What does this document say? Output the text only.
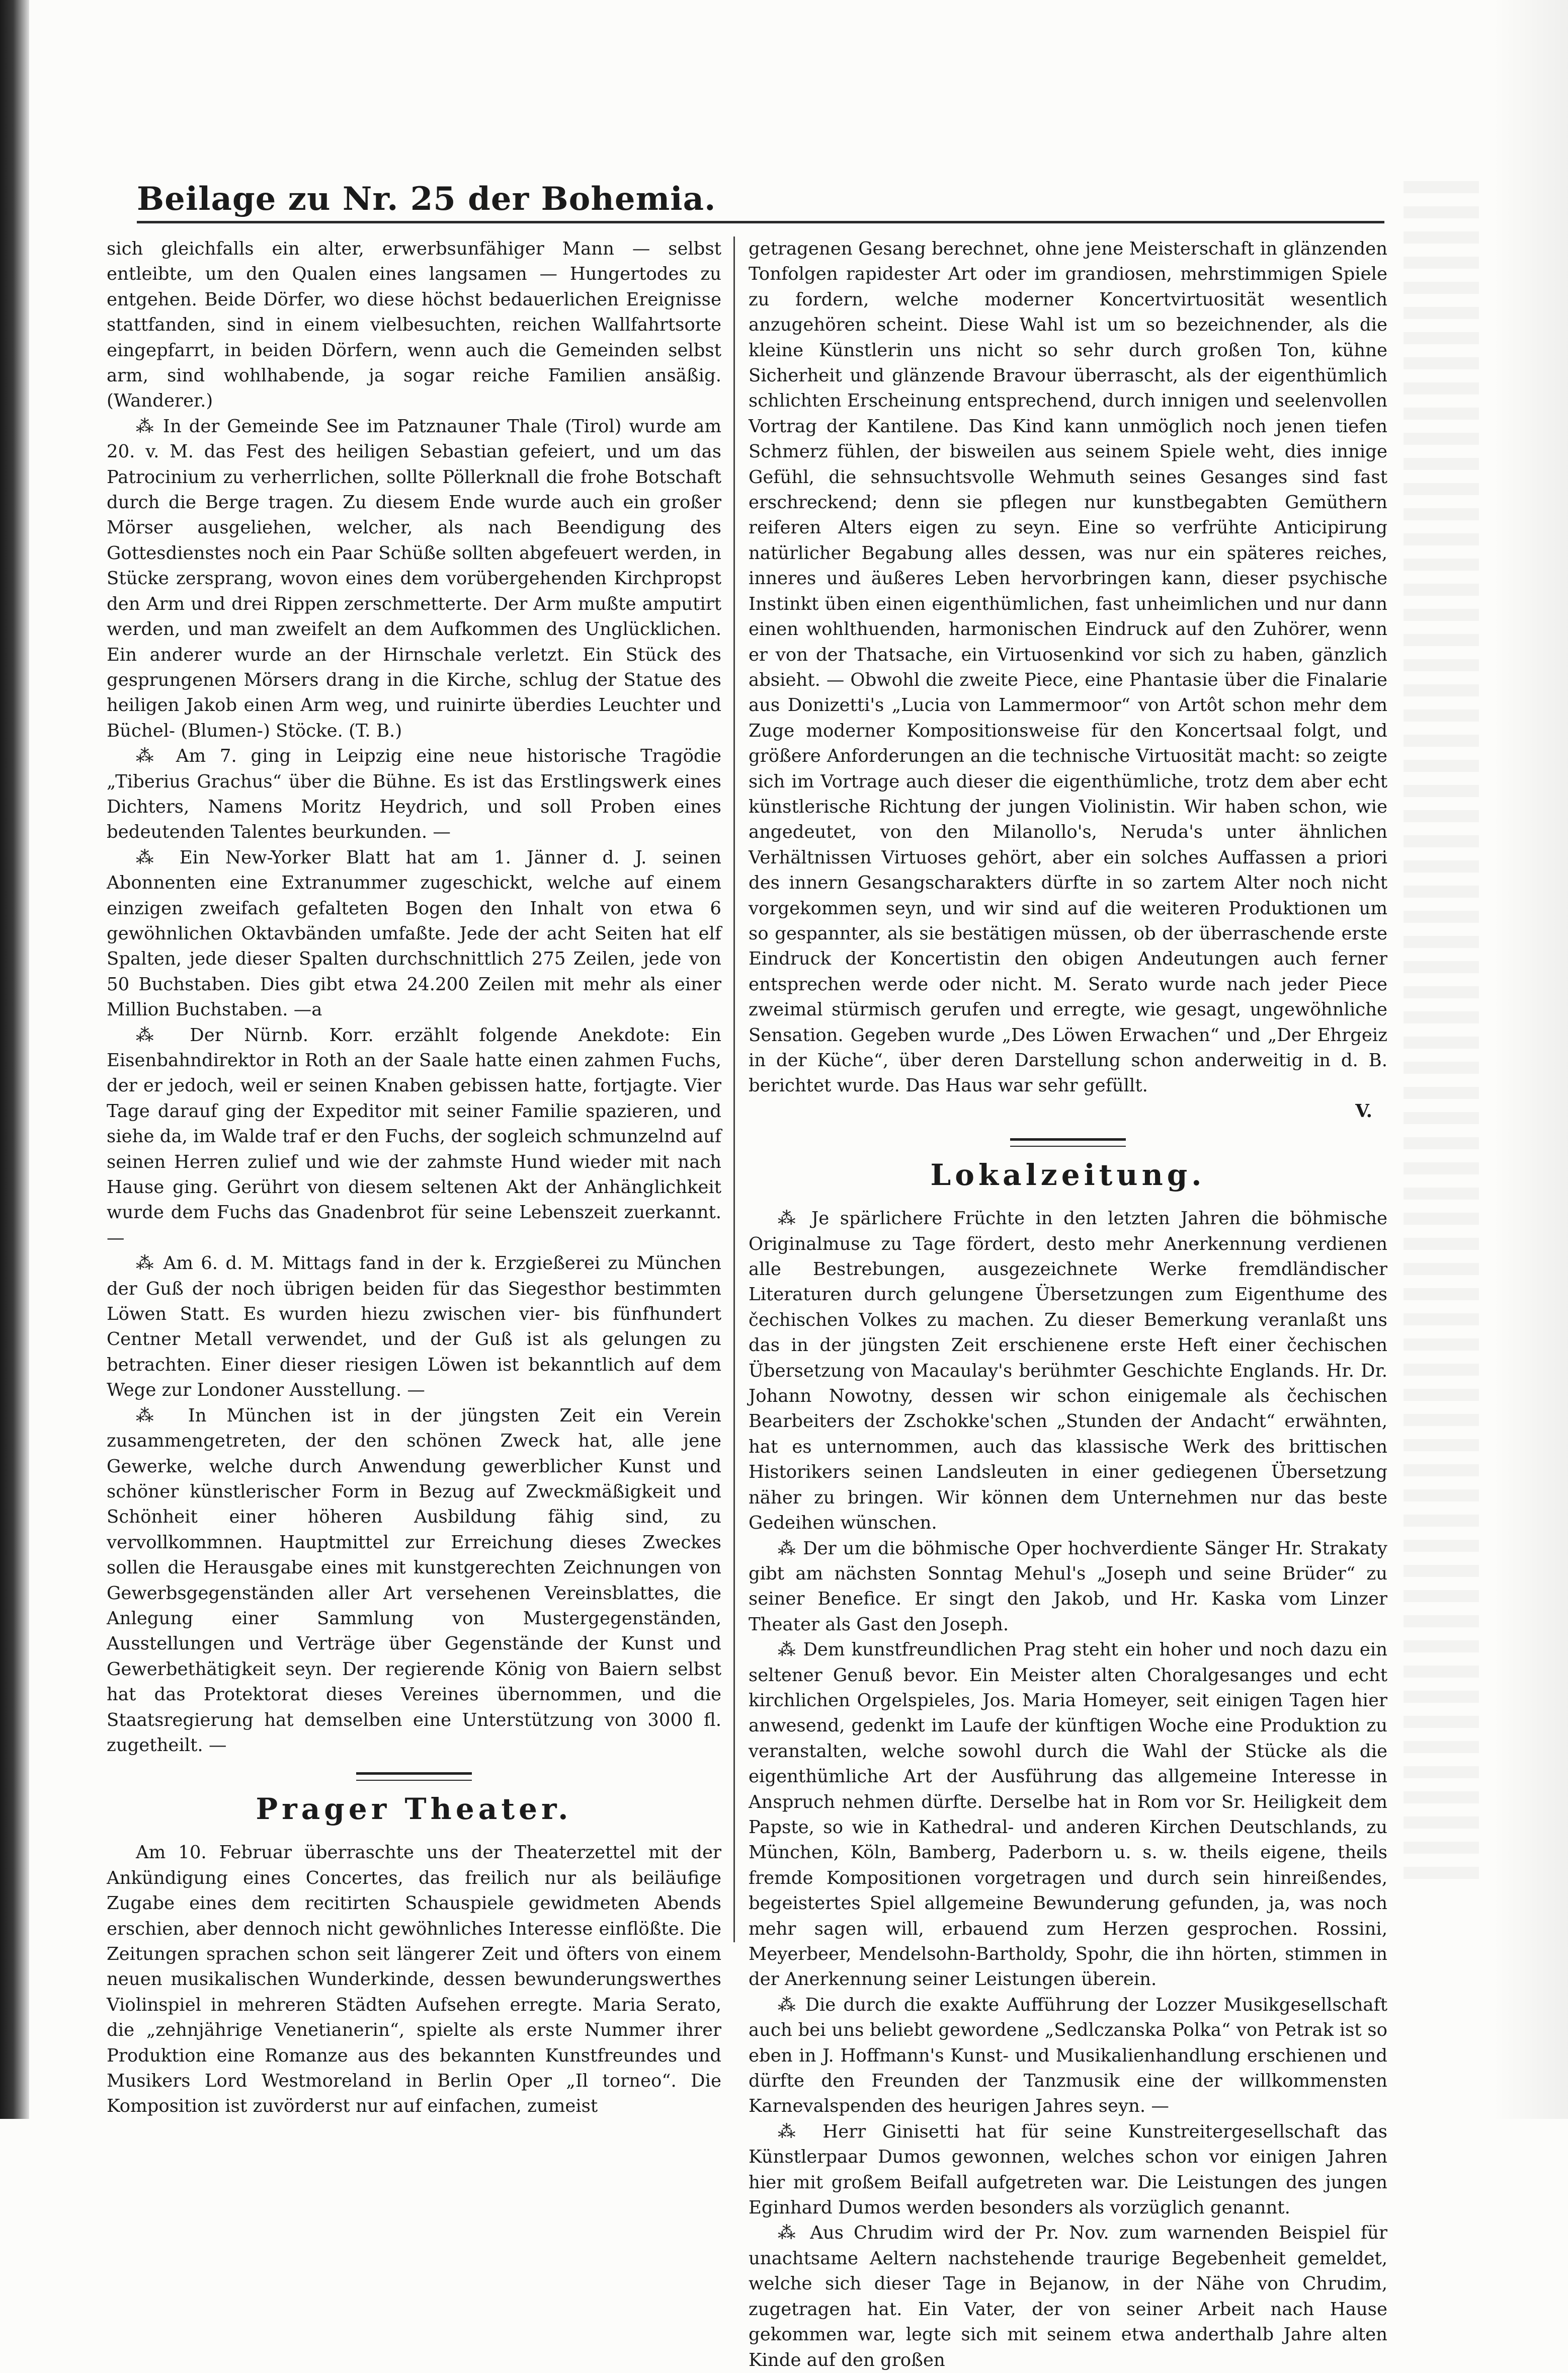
Beilage zu Nr. 25 der Bohemia.

sich gleichfalls ein alter, erwerbsunfähiger Mann — selbst entleibte, um den Qualen eines langsamen — Hungertodes zu entgehen. Beide Dörfer, wo diese höchst bedauerlichen Ereignisse stattfanden, sind in einem vielbesuchten, reichen Wallfahrtsorte eingepfarrt, in beiden Dörfern, wenn auch die Gemeinden selbst arm, sind wohlhabende, ja sogar reiche Familien ansäßig. (Wanderer.)

⁂ In der Gemeinde See im Patznauner Thale (Tirol) wurde am 20. v. M. das Fest des heiligen Sebastian gefeiert, und um das Patrocinium zu verherrlichen, sollte Pöllerknall die frohe Botschaft durch die Berge tragen. Zu diesem Ende wurde auch ein großer Mörser ausgeliehen, welcher, als nach Beendigung des Gottesdienstes noch ein Paar Schüße sollten abgefeuert werden, in Stücke zersprang, wovon eines dem vorübergehenden Kirchpropst den Arm und drei Rippen zerschmetterte. Der Arm mußte amputirt werden, und man zweifelt an dem Aufkommen des Unglücklichen. Ein anderer wurde an der Hirnschale verletzt. Ein Stück des gesprungenen Mörsers drang in die Kirche, schlug der Statue des heiligen Jakob einen Arm weg, und ruinirte überdies Leuchter und Büchel- (Blumen-) Stöcke. (T. B.)

⁂ Am 7. ging in Leipzig eine neue historische Tragödie „Tiberius Grachus“ über die Bühne. Es ist das Erstlingswerk eines Dichters, Namens Moritz Heydrich, und soll Proben eines bedeutenden Talentes beurkunden. —

⁂ Ein New-Yorker Blatt hat am 1. Jänner d. J. seinen Abonnenten eine Extranummer zugeschickt, welche auf einem einzigen zweifach gefalteten Bogen den Inhalt von etwa 6 gewöhnlichen Oktavbänden umfaßte. Jede der acht Seiten hat elf Spalten, jede dieser Spalten durchschnittlich 275 Zeilen, jede von 50 Buchstaben. Dies gibt etwa 24.200 Zeilen mit mehr als einer Million Buchstaben. —a

⁂ Der Nürnb. Korr. erzählt folgende Anekdote: Ein Eisenbahndirektor in Roth an der Saale hatte einen zahmen Fuchs, der er jedoch, weil er seinen Knaben gebissen hatte, fortjagte. Vier Tage darauf ging der Expeditor mit seiner Familie spazieren, und siehe da, im Walde traf er den Fuchs, der sogleich schmunzelnd auf seinen Herren zulief und wie der zahmste Hund wieder mit nach Hause ging. Gerührt von diesem seltenen Akt der Anhänglichkeit wurde dem Fuchs das Gnadenbrot für seine Lebenszeit zuerkannt. —

⁂ Am 6. d. M. Mittags fand in der k. Erzgießerei zu München der Guß der noch übrigen beiden für das Siegesthor bestimmten Löwen Statt. Es wurden hiezu zwischen vier- bis fünfhundert Centner Metall verwendet, und der Guß ist als gelungen zu betrachten. Einer dieser riesigen Löwen ist bekanntlich auf dem Wege zur Londoner Ausstellung. —

⁂ In München ist in der jüngsten Zeit ein Verein zusammengetreten, der den schönen Zweck hat, alle jene Gewerke, welche durch Anwendung gewerblicher Kunst und schöner künstlerischer Form in Bezug auf Zweckmäßigkeit und Schönheit einer höheren Ausbildung fähig sind, zu vervollkommnen. Hauptmittel zur Erreichung dieses Zweckes sollen die Herausgabe eines mit kunstgerechten Zeichnungen von Gewerbsgegenständen aller Art versehenen Vereinsblattes, die Anlegung einer Sammlung von Mustergegenständen, Ausstellungen und Verträge über Gegenstände der Kunst und Gewerbethätigkeit seyn. Der regierende König von Baiern selbst hat das Protektorat dieses Vereines übernommen, und die Staatsregierung hat demselben eine Unterstützung von 3000 fl. zugetheilt. —

Prager Theater.

Am 10. Februar überraschte uns der Theaterzettel mit der Ankündigung eines Concertes, das freilich nur als beiläufige Zugabe eines dem recitirten Schauspiele gewidmeten Abends erschien, aber dennoch nicht gewöhnliches Interesse einflößte. Die Zeitungen sprachen schon seit längerer Zeit und öfters von einem neuen musikalischen Wunderkinde, dessen bewunderungswerthes Violinspiel in mehreren Städten Aufsehen erregte. Maria Serato, die „zehnjährige Venetianerin“, spielte als erste Nummer ihrer Produktion eine Romanze aus des bekannten Kunstfreundes und Musikers Lord Westmoreland in Berlin Oper „Il torneo“. Die Komposition ist zuvörderst nur auf einfachen, zumeist

getragenen Gesang berechnet, ohne jene Meisterschaft in glänzenden Tonfolgen rapidester Art oder im grandiosen, mehrstimmigen Spiele zu fordern, welche moderner Koncertvirtuosität wesentlich anzugehören scheint. Diese Wahl ist um so bezeichnender, als die kleine Künstlerin uns nicht so sehr durch großen Ton, kühne Sicherheit und glänzende Bravour überrascht, als der eigenthümlich schlichten Erscheinung entsprechend, durch innigen und seelenvollen Vortrag der Kantilene. Das Kind kann unmöglich noch jenen tiefen Schmerz fühlen, der bisweilen aus seinem Spiele weht, dies innige Gefühl, die sehnsuchtsvolle Wehmuth seines Gesanges sind fast erschreckend; denn sie pflegen nur kunstbegabten Gemüthern reiferen Alters eigen zu seyn. Eine so verfrühte Anticipirung natürlicher Begabung alles dessen, was nur ein späteres reiches, inneres und äußeres Leben hervorbringen kann, dieser psychische Instinkt üben einen eigenthümlichen, fast unheimlichen und nur dann einen wohlthuenden, harmonischen Eindruck auf den Zuhörer, wenn er von der Thatsache, ein Virtuosenkind vor sich zu haben, gänzlich absieht. — Obwohl die zweite Piece, eine Phantasie über die Finalarie aus Donizetti's „Lucia von Lammermoor“ von Artôt schon mehr dem Zuge moderner Kompositionsweise für den Koncertsaal folgt, und größere Anforderungen an die technische Virtuosität macht: so zeigte sich im Vortrage auch dieser die eigenthümliche, trotz dem aber echt künstlerische Richtung der jungen Violinistin. Wir haben schon, wie angedeutet, von den Milanollo's, Neruda's unter ähnlichen Verhältnissen Virtuoses gehört, aber ein solches Auffassen a priori des innern Gesangscharakters dürfte in so zartem Alter noch nicht vorgekommen seyn, und wir sind auf die weiteren Produktionen um so gespannter, als sie bestätigen müssen, ob der überraschende erste Eindruck der Koncertistin den obigen Andeutungen auch ferner entsprechen werde oder nicht. M. Serato wurde nach jeder Piece zweimal stürmisch gerufen und erregte, wie gesagt, ungewöhnliche Sensation. Gegeben wurde „Des Löwen Erwachen“ und „Der Ehrgeiz in der Küche“, über deren Darstellung schon anderweitig in d. B. berichtet wurde. Das Haus war sehr gefüllt.

V.
Lokalzeitung.

⁂ Je spärlichere Früchte in den letzten Jahren die böhmische Originalmuse zu Tage fördert, desto mehr Anerkennung verdienen alle Bestrebungen, ausgezeichnete Werke fremdländischer Literaturen durch gelungene Übersetzungen zum Eigenthume des čechischen Volkes zu machen. Zu dieser Bemerkung veranlaßt uns das in der jüngsten Zeit erschienene erste Heft einer čechischen Übersetzung von Macaulay's berühmter Geschichte Englands. Hr. Dr. Johann Nowotny, dessen wir schon einigemale als čechischen Bearbeiters der Zschokke'schen „Stunden der Andacht“ erwähnten, hat es unternommen, auch das klassische Werk des brittischen Historikers seinen Landsleuten in einer gediegenen Übersetzung näher zu bringen. Wir können dem Unternehmen nur das beste Gedeihen wünschen.

⁂ Der um die böhmische Oper hochverdiente Sänger Hr. Strakaty gibt am nächsten Sonntag Mehul's „Joseph und seine Brüder“ zu seiner Benefice. Er singt den Jakob, und Hr. Kaska vom Linzer Theater als Gast den Joseph.

⁂ Dem kunstfreundlichen Prag steht ein hoher und noch dazu ein seltener Genuß bevor. Ein Meister alten Choralgesanges und echt kirchlichen Orgelspieles, Jos. Maria Homeyer, seit einigen Tagen hier anwesend, gedenkt im Laufe der künftigen Woche eine Produktion zu veranstalten, welche sowohl durch die Wahl der Stücke als die eigenthümliche Art der Ausführung das allgemeine Interesse in Anspruch nehmen dürfte. Derselbe hat in Rom vor Sr. Heiligkeit dem Papste, so wie in Kathedral- und anderen Kirchen Deutschlands, zu München, Köln, Bamberg, Paderborn u. s. w. theils eigene, theils fremde Kompositionen vorgetragen und durch sein hinreißendes, begeistertes Spiel allgemeine Bewunderung gefunden, ja, was noch mehr sagen will, erbauend zum Herzen gesprochen. Rossini, Meyerbeer, Mendelsohn-Bartholdy, Spohr, die ihn hörten, stimmen in der Anerkennung seiner Leistungen überein.

⁂ Die durch die exakte Aufführung der Lozzer Musikgesellschaft auch bei uns beliebt gewordene „Sedlczanska Polka“ von Petrak ist so eben in J. Hoffmann's Kunst- und Musikalienhandlung erschienen und dürfte den Freunden der Tanzmusik eine der willkommensten Karnevalspenden des heurigen Jahres seyn. —

⁂ Herr Ginisetti hat für seine Kunstreitergesellschaft das Künstlerpaar Dumos gewonnen, welches schon vor einigen Jahren hier mit großem Beifall aufgetreten war. Die Leistungen des jungen Eginhard Dumos werden besonders als vorzüglich genannt.

⁂ Aus Chrudim wird der Pr. Nov. zum warnenden Beispiel für unachtsame Aeltern nachstehende traurige Begebenheit gemeldet, welche sich dieser Tage in Bejanow, in der Nähe von Chrudim, zugetragen hat. Ein Vater, der von seiner Arbeit nach Hause gekommen war, legte sich mit seinem etwa anderthalb Jahre alten Kinde auf den großen
